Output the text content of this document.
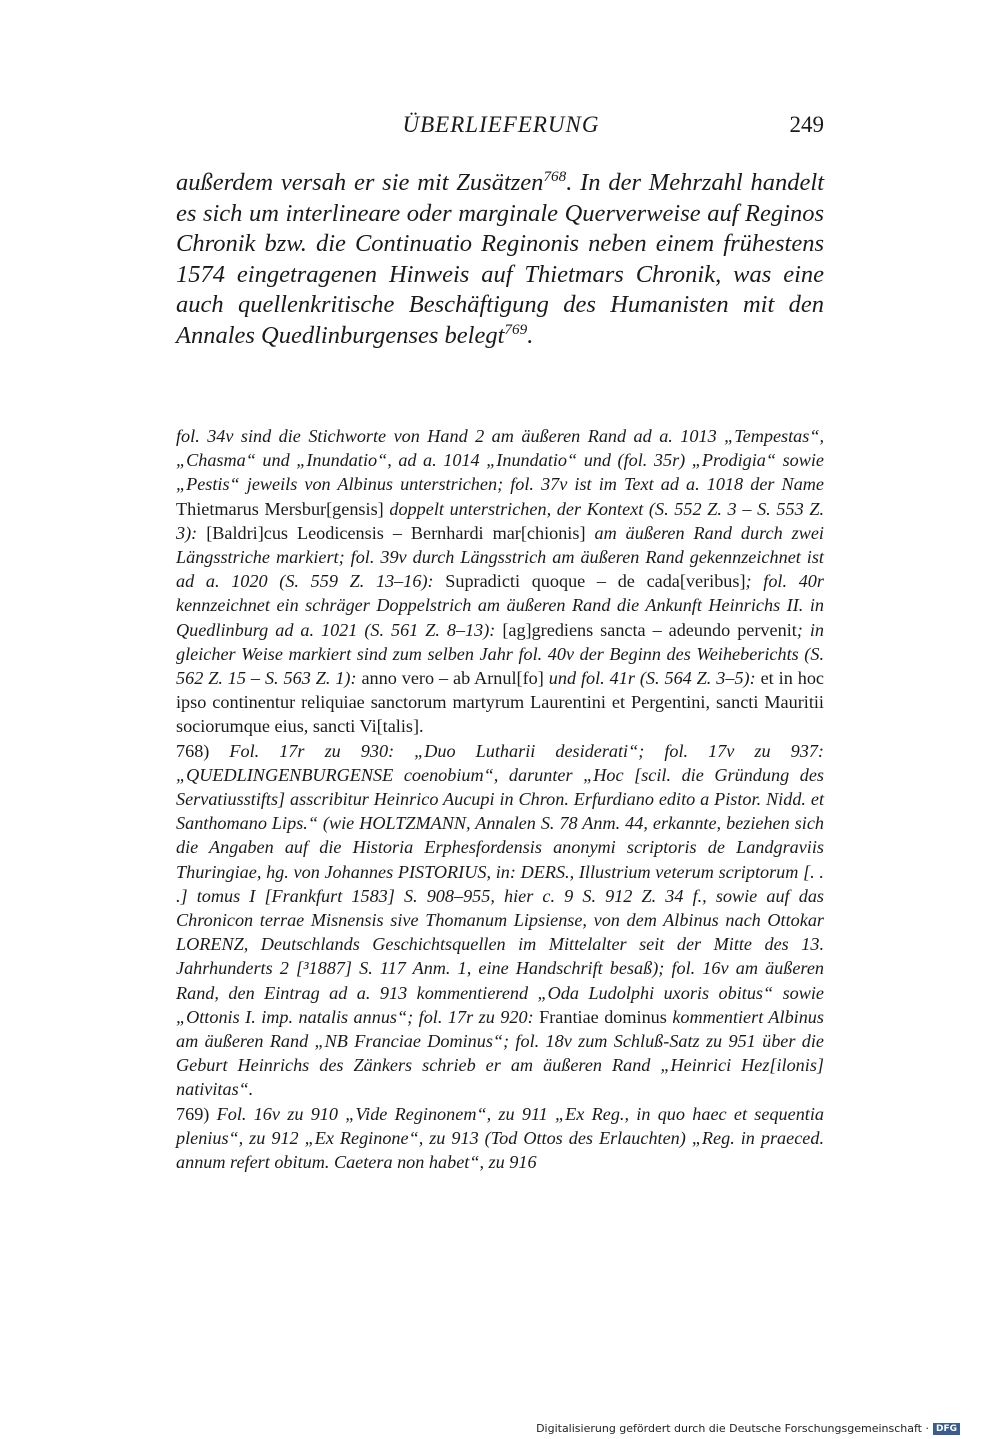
ÜBERLIEFERUNG	249

außerdem versah er sie mit Zusätzen$^{768}$. In der Mehrzahl handelt es sich um interlineare oder marginale Querverweise auf Reginos Chronik bzw. die Continuatio Reginonis neben einem frühestens 1574 eingetragenen Hinweis auf Thietmars Chronik, was eine auch quellenkritische Beschäftigung des Humanisten mit den Annales Quedlinburgenses belegt$^{769}$.

fol. 34v sind die Stichworte von Hand 2 am äußeren Rand ad a. 1013 „Tempestas“, „Chasma“ und „Inundatio“, ad a. 1014 „Inundatio“ und (fol. 35r) „Prodigia“ sowie „Pestis“ jeweils von Albinus unterstrichen; fol. 37v ist im Text ad a. 1018 der Name Thietmarus Mersbur[gensis] doppelt unterstrichen, der Kontext (S. 552 Z. 3 – S. 553 Z. 3): [Baldri]cus Leodicensis – Bernhardi mar[chionis] am äußeren Rand durch zwei Längsstriche markiert; fol. 39v durch Längsstrich am äußeren Rand gekennzeichnet ist ad a. 1020 (S. 559 Z. 13–16): Supradicti quoque – de cada[veribus]; fol. 40r kennzeichnet ein schräger Doppelstrich am äußeren Rand die Ankunft Heinrichs II. in Quedlinburg ad a. 1021 (S. 561 Z. 8–13): [ag]grediens sancta – adeundo pervenit; in gleicher Weise markiert sind zum selben Jahr fol. 40v der Beginn des Weiheberichts (S. 562 Z. 15 – S. 563 Z. 1): anno vero – ab Arnul[fo] und fol. 41r (S. 564 Z. 3–5): et in hoc ipso continentur reliquiae sanctorum martyrum Laurentini et Pergentini, sancti Mauritii sociorumque eius, sancti Vi[talis].

768) Fol. 17r zu 930: „Duo Lutharii desiderati“; fol. 17v zu 937: „QUEDLINGENBURGENSE coenobium“, darunter „Hoc [scil. die Gründung des Servatiusstifts] asscribitur Heinrico Aucupi in Chron. Erfurdiano edito a Pistor. Nidd. et Santhomano Lips.“ (wie HOLTZMANN, Annalen S. 78 Anm. 44, erkannte, beziehen sich die Angaben auf die Historia Erphesfordensis anonymi scriptoris de Landgraviis Thuringiae, hg. von Johannes PISTORIUS, in: DERS., Illustrium veterum scriptorum [. . .] tomus I [Frankfurt 1583] S. 908–955, hier c. 9 S. 912 Z. 34 f., sowie auf das Chronicon terrae Misnensis sive Thomanum Lipsiense, von dem Albinus nach Ottokar LORENZ, Deutschlands Geschichtsquellen im Mittelalter seit der Mitte des 13. Jahrhunderts 2 [³1887] S. 117 Anm. 1, eine Handschrift besaß); fol. 16v am äußeren Rand, den Eintrag ad a. 913 kommentierend „Oda Ludolphi uxoris obitus“ sowie „Ottonis I. imp. natalis annus“; fol. 17r zu 920: Frantiae dominus kommentiert Albinus am äußeren Rand „NB Franciae Dominus“; fol. 18v zum Schluß-Satz zu 951 über die Geburt Heinrichs des Zänkers schrieb er am äußeren Rand „Heinrici Hez[ilonis] nativitas“.

769) Fol. 16v zu 910 „Vide Reginonem“, zu 911 „Ex Reg., in quo haec et sequentia plenius“, zu 912 „Ex Reginone“, zu 913 (Tod Ottos des Erlauchten) „Reg. in praeced. annum refert obitum. Caetera non habet“, zu 916

Digitalisierung gefördert durch die Deutsche Forschungsgemeinschaft · DFG
